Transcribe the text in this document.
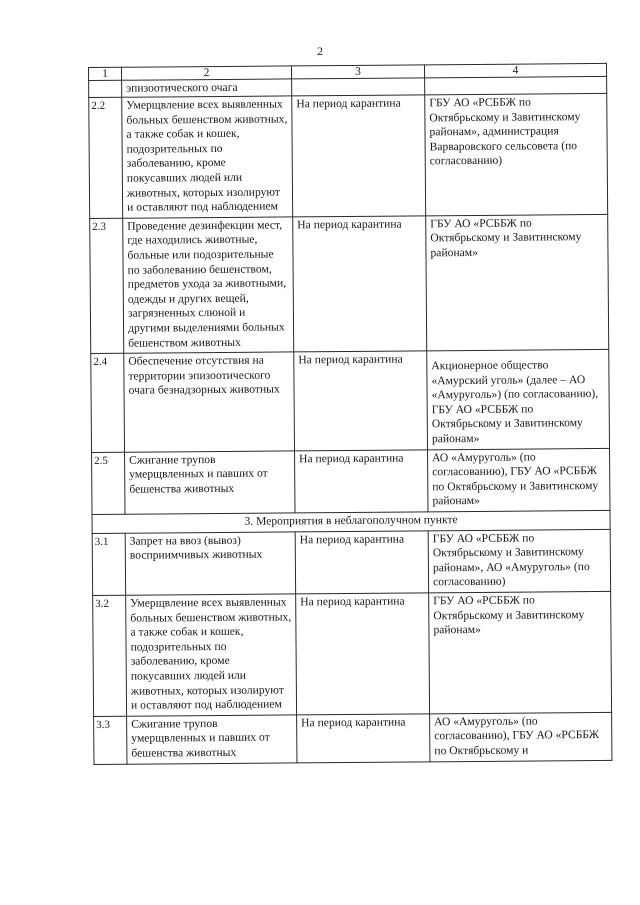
2
1	2	3	4
	эпизоотического очага		
2.2	Умерщвление всех выявленных больных бешенством животных, а также собак и кошек, подозрительных по заболеванию, кроме покусавших людей или животных, которых изолируют и оставляют под наблюдением	На период карантина	ГБУ АО «РСББЖ по Октябрьскому и Завитинскому районам», администрация Варваровского сельсовета (по согласованию)
2.3	Проведение дезинфекции мест, где находились животные, больные или подозрительные по заболеванию бешенством, предметов ухода за животными, одежды и других вещей, загрязненных слюной и другими выделениями больных бешенством животных	На период карантина	ГБУ АО «РСББЖ по Октябрьскому и Завитинскому районам»
2.4	Обеспечение отсутствия на территории эпизоотического очага безнадзорных животных	На период карантина	Акционерное общество «Амурский уголь» (далее – АО «Амуруголь») (по согласованию), ГБУ АО «РСББЖ по Октябрьскому и Завитинскому районам»
2.5	Сжигание трупов умерщвленных и павших от бешенства животных	На период карантина	АО «Амуруголь» (по согласованию), ГБУ АО «РСББЖ по Октябрьскому и Завитинскому районам»
3. Мероприятия в неблагополучном пункте			
3.1	Запрет на ввоз (вывоз) восприимчивых животных	На период карантина	ГБУ АО «РСББЖ по Октябрьскому и Завитинскому районам», АО «Амуруголь» (по согласованию)
3.2	Умерщвление всех выявленных больных бешенством животных, а также собак и кошек, подозрительных по заболеванию, кроме покусавших людей или животных, которых изолируют и оставляют под наблюдением	На период карантина	ГБУ АО «РСББЖ по Октябрьскому и Завитинскому районам»
3.3	Сжигание трупов умерщвленных и павших от бешенства животных	На период карантина	АО «Амуруголь» (по согласованию), ГБУ АО «РСББЖ по Октябрьскому и
